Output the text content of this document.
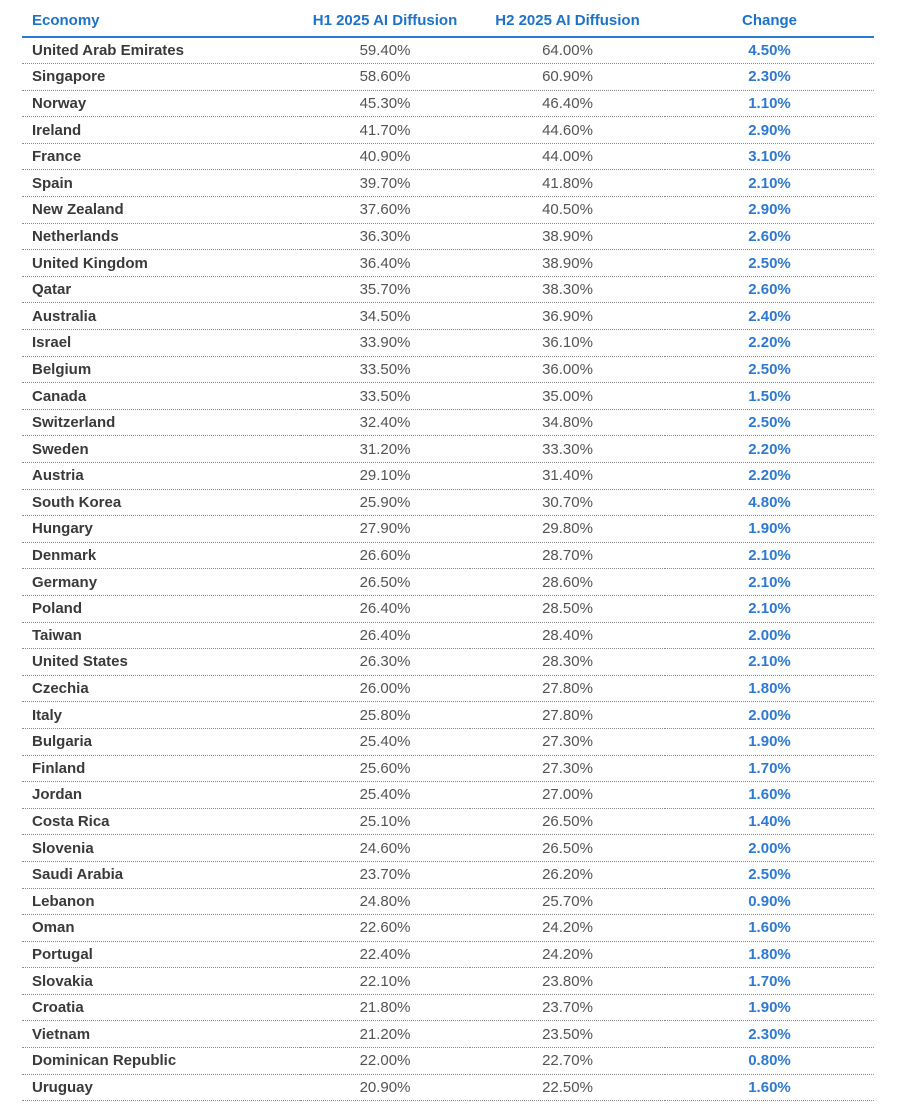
Economy	H1 2025 AI Diffusion	H2 2025 AI Diffusion	Change
United Arab Emirates	59.40%	64.00%	4.50%
Singapore	58.60%	60.90%	2.30%
Norway	45.30%	46.40%	1.10%
Ireland	41.70%	44.60%	2.90%
France	40.90%	44.00%	3.10%
Spain	39.70%	41.80%	2.10%
New Zealand	37.60%	40.50%	2.90%
Netherlands	36.30%	38.90%	2.60%
United Kingdom	36.40%	38.90%	2.50%
Qatar	35.70%	38.30%	2.60%
Australia	34.50%	36.90%	2.40%
Israel	33.90%	36.10%	2.20%
Belgium	33.50%	36.00%	2.50%
Canada	33.50%	35.00%	1.50%
Switzerland	32.40%	34.80%	2.50%
Sweden	31.20%	33.30%	2.20%
Austria	29.10%	31.40%	2.20%
South Korea	25.90%	30.70%	4.80%
Hungary	27.90%	29.80%	1.90%
Denmark	26.60%	28.70%	2.10%
Germany	26.50%	28.60%	2.10%
Poland	26.40%	28.50%	2.10%
Taiwan	26.40%	28.40%	2.00%
United States	26.30%	28.30%	2.10%
Czechia	26.00%	27.80%	1.80%
Italy	25.80%	27.80%	2.00%
Bulgaria	25.40%	27.30%	1.90%
Finland	25.60%	27.30%	1.70%
Jordan	25.40%	27.00%	1.60%
Costa Rica	25.10%	26.50%	1.40%
Slovenia	24.60%	26.50%	2.00%
Saudi Arabia	23.70%	26.20%	2.50%
Lebanon	24.80%	25.70%	0.90%
Oman	22.60%	24.20%	1.60%
Portugal	22.40%	24.20%	1.80%
Slovakia	22.10%	23.80%	1.70%
Croatia	21.80%	23.70%	1.90%
Vietnam	21.20%	23.50%	2.30%
Dominican Republic	22.00%	22.70%	0.80%
Uruguay	20.90%	22.50%	1.60%
